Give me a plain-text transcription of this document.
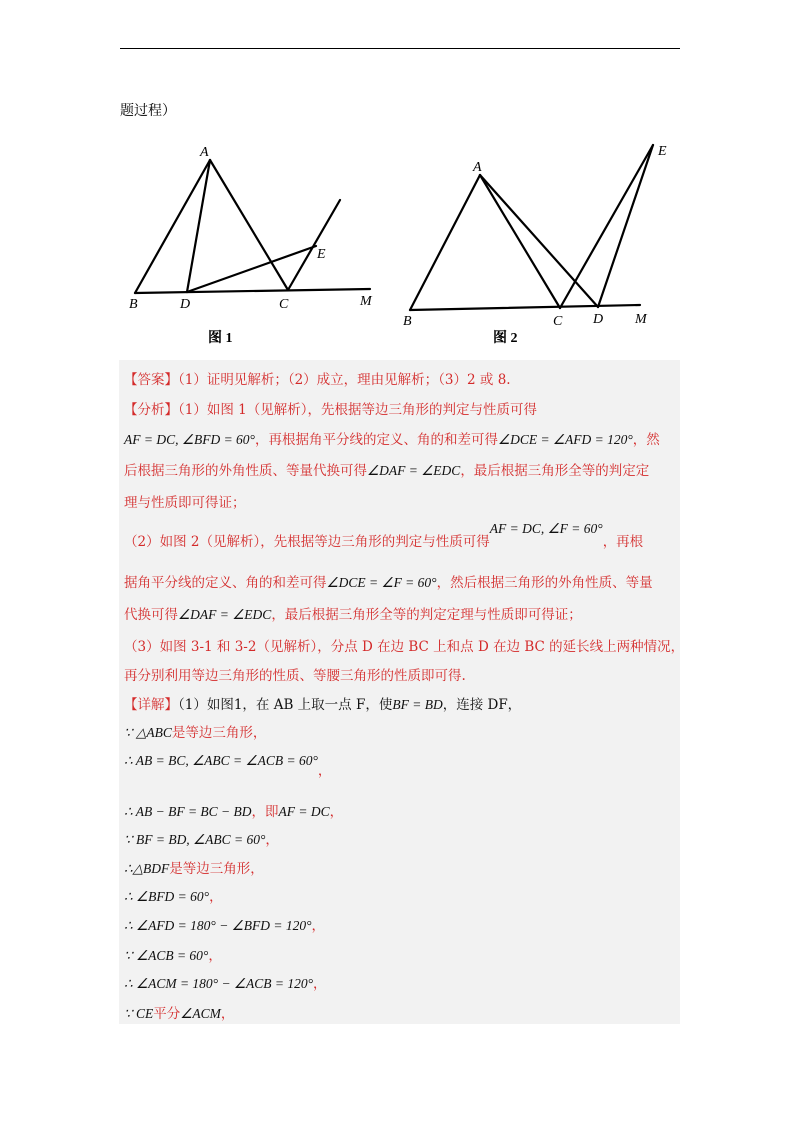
题过程）
A
B	D	C
E
M
图 1
A
B	C D
E
M
图 2
【答案】（1）证明见解析；（2）成立，理由见解析；（3）2 或 8.
【分析】（1）如图 1（见解析），先根据等边三角形的判定与性质可得
AF = DC, ∠BFD = 60°，再根据角平分线的定义、角的和差可得∠DCE = ∠AFD = 120°，然
后根据三角形的外角性质、等量代换可得∠DAF = ∠EDC，最后根据三角形全等的判定定
理与性质即可得证；
（2）如图 2（见解析），先根据等边三角形的判定与性质可得AF = DC, ∠F = 60°，再根
据角平分线的定义、角的和差可得∠DCE = ∠F = 60°，然后根据三角形的外角性质、等量
代换可得∠DAF = ∠EDC，最后根据三角形全等的判定定理与性质即可得证；
（3）如图 3-1 和 3-2（见解析），分点 D 在边 BC 上和点 D 在边 BC 的延长线上两种情况，
再分别利用等边三角形的性质、等腰三角形的性质即可得.
【详解】（1）如图1，在 AB 上取一点 F，使BF = BD，连接 DF，
∵ △ABC是等边三角形，
∴ AB = BC, ∠ABC = ∠ACB = 60°，
∴ AB − BF = BC − BD，即AF = DC，
∵ BF = BD, ∠ABC = 60°，
∴△BDF是等边三角形，
∴ ∠BFD = 60°，
∴ ∠AFD = 180° − ∠BFD = 120°，
∵ ∠ACB = 60°，
∴ ∠ACM = 180° − ∠ACB = 120°，
∵ CE平分∠ACM，
